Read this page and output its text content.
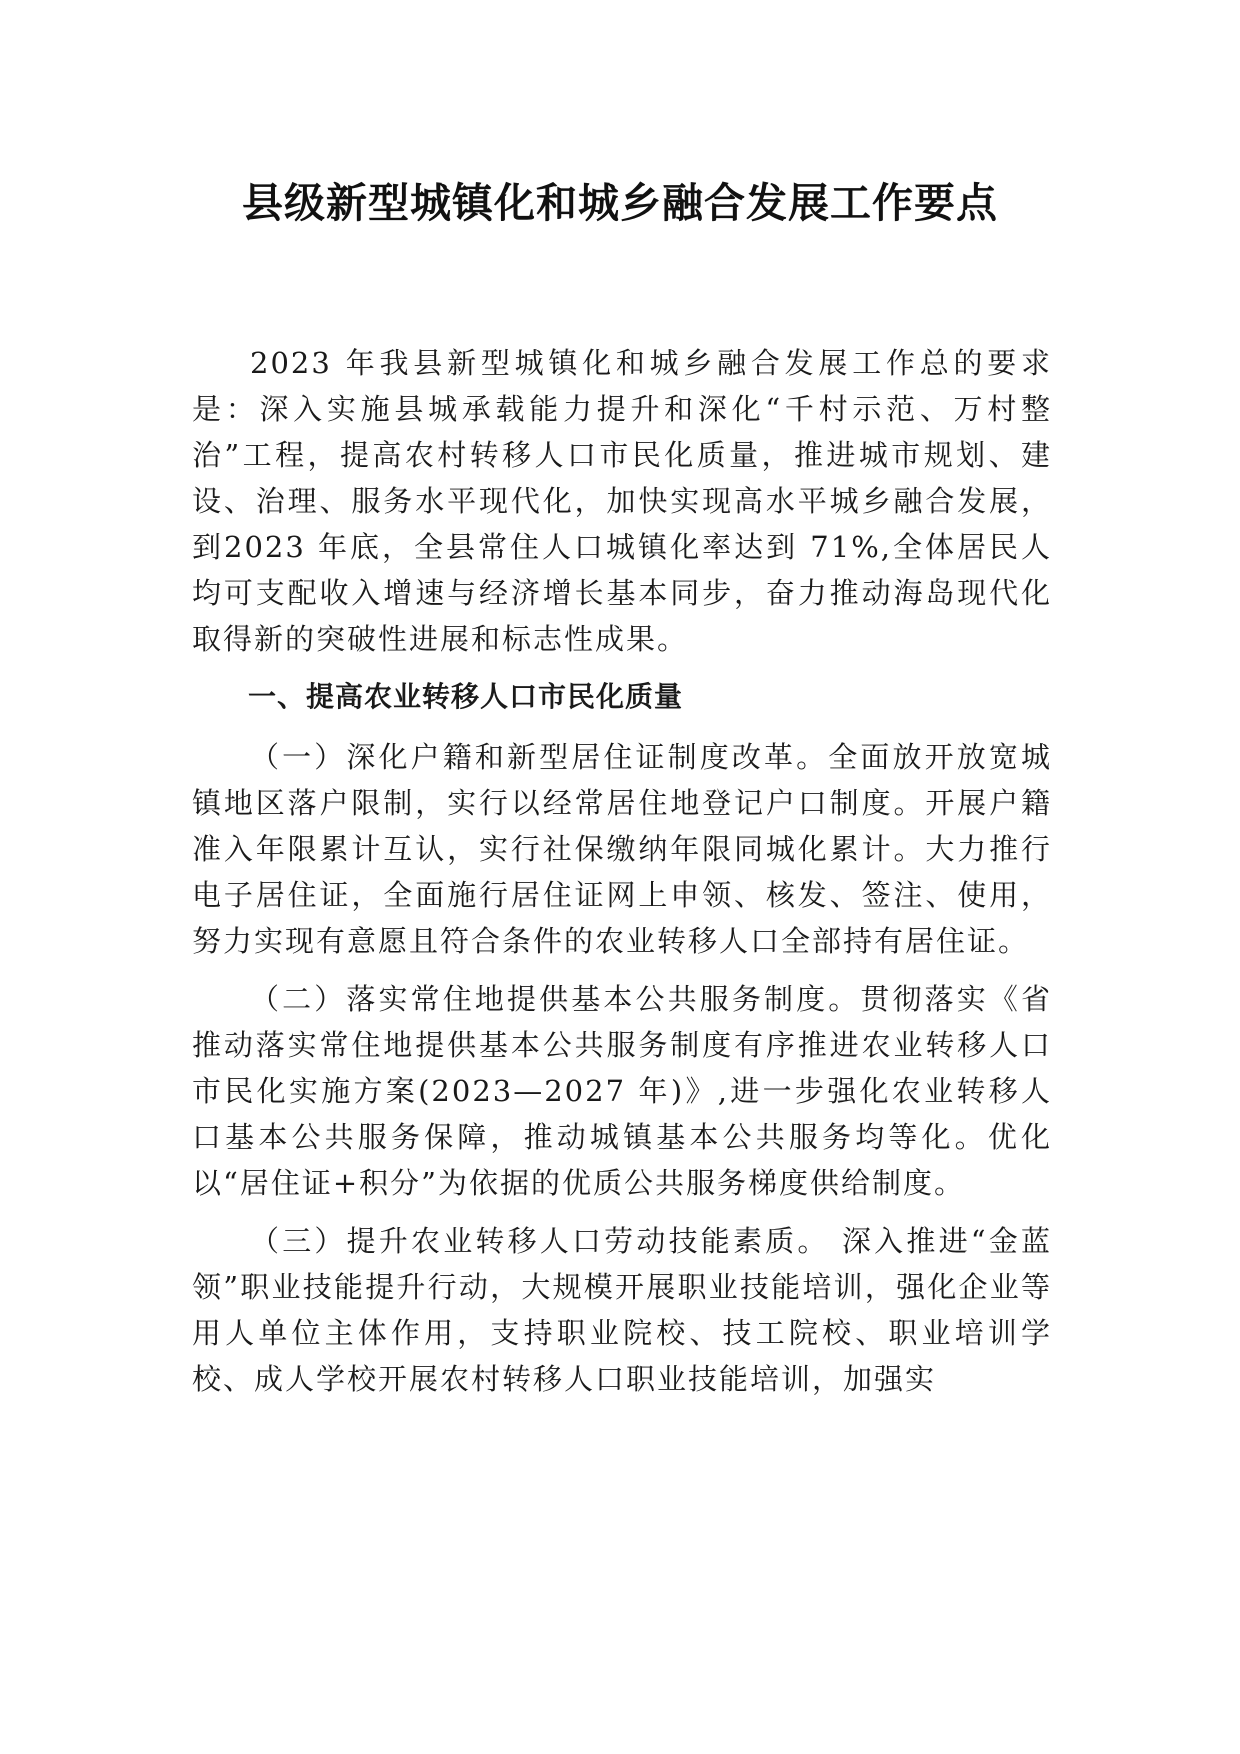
县级新型城镇化和城乡融合发展工作要点

2023 年我县新型城镇化和城乡融合发展工作总的要求是：深入实施县城承载能力提升和深化“千村示范、万村整治”工程，提高农村转移人口市民化质量，推进城市规划、建设、治理、服务水平现代化，加快实现高水平城乡融合发展，到2023 年底，全县常住人口城镇化率达到 71%,全体居民人均可支配收入增速与经济增长基本同步，奋力推动海岛现代化取得新的突破性进展和标志性成果。

一、提高农业转移人口市民化质量

（一）深化户籍和新型居住证制度改革。全面放开放宽城镇地区落户限制，实行以经常居住地登记户口制度。开展户籍准入年限累计互认，实行社保缴纳年限同城化累计。大力推行电子居住证，全面施行居住证网上申领、核发、签注、使用，努力实现有意愿且符合条件的农业转移人口全部持有居住证。

（二）落实常住地提供基本公共服务制度。贯彻落实《省推动落实常住地提供基本公共服务制度有序推进农业转移人口市民化实施方案(2023—2027 年)》,进一步强化农业转移人口基本公共服务保障，推动城镇基本公共服务均等化。优化以“居住证+积分”为依据的优质公共服务梯度供给制度。

（三）提升农业转移人口劳动技能素质。 深入推进“金蓝领”职业技能提升行动，大规模开展职业技能培训，强化企业等用人单位主体作用，支持职业院校、技工院校、职业培训学校、成人学校开展农村转移人口职业技能培训，加强实
